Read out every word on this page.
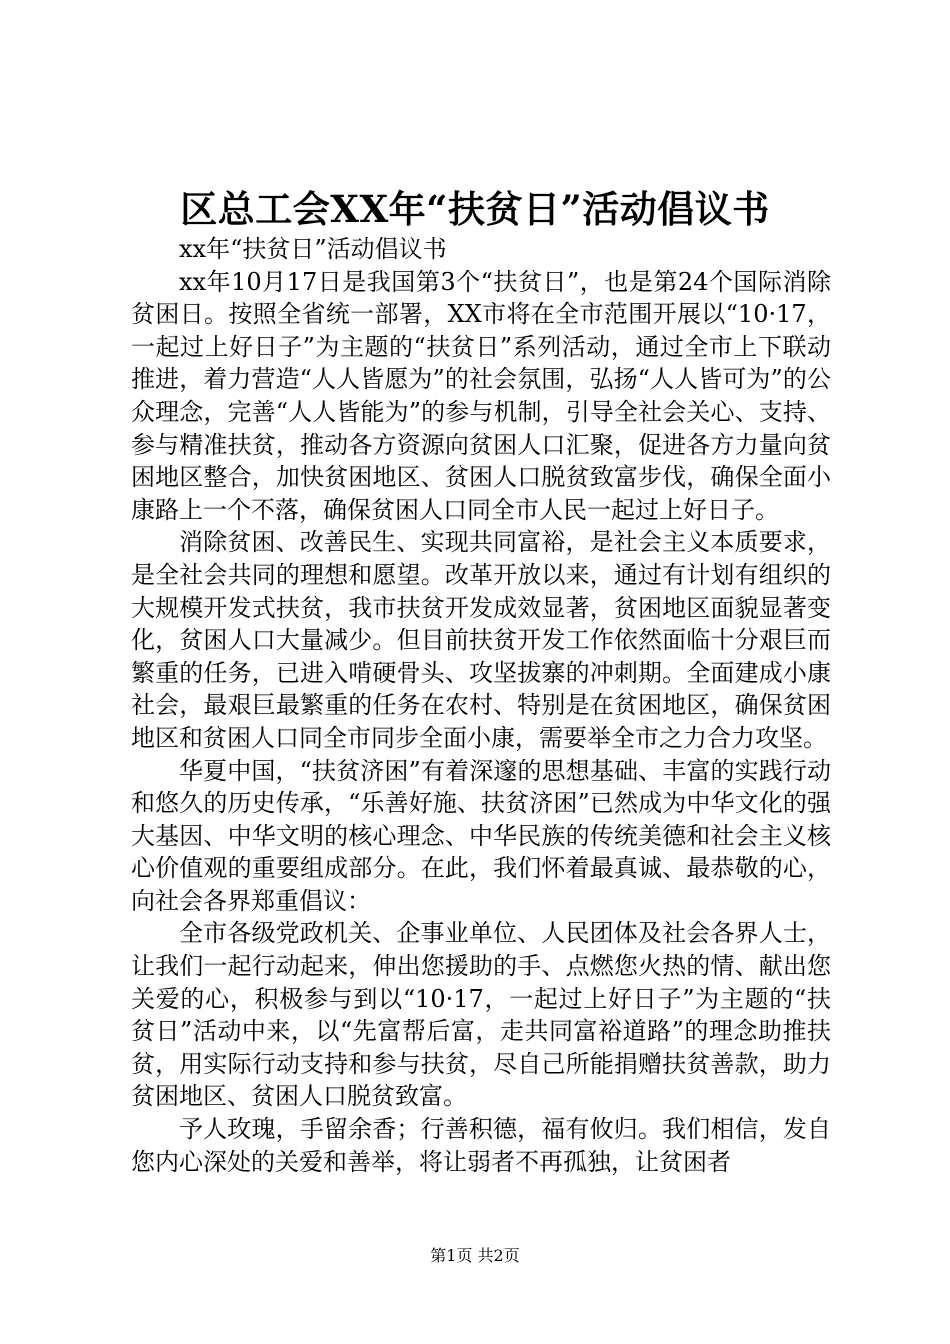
区总工会XX年“扶贫日”活动倡议书

xx年“扶贫日”活动倡议书

xx年10月17日是我国第3个“扶贫日”，也是第24个国际消除贫困日。按照全省统一部署，XX市将在全市范围开展以“10·17，一起过上好日子”为主题的“扶贫日”系列活动，通过全市上下联动推进，着力营造“人人皆愿为”的社会氛围，弘扬“人人皆可为”的公众理念，完善“人人皆能为”的参与机制，引导全社会关心、支持、参与精准扶贫，推动各方资源向贫困人口汇聚，促进各方力量向贫困地区整合，加快贫困地区、贫困人口脱贫致富步伐，确保全面小康路上一个不落，确保贫困人口同全市人民一起过上好日子。

消除贫困、改善民生、实现共同富裕，是社会主义本质要求，是全社会共同的理想和愿望。改革开放以来，通过有计划有组织的大规模开发式扶贫，我市扶贫开发成效显著，贫困地区面貌显著变化，贫困人口大量减少。但目前扶贫开发工作依然面临十分艰巨而繁重的任务，已进入啃硬骨头、攻坚拔寨的冲刺期。全面建成小康社会，最艰巨最繁重的任务在农村、特别是在贫困地区，确保贫困地区和贫困人口同全市同步全面小康，需要举全市之力合力攻坚。

华夏中国，“扶贫济困”有着深邃的思想基础、丰富的实践行动和悠久的历史传承，“乐善好施、扶贫济困”已然成为中华文化的强大基因、中华文明的核心理念、中华民族的传统美德和社会主义核心价值观的重要组成部分。在此，我们怀着最真诚、最恭敬的心，向社会各界郑重倡议：

全市各级党政机关、企事业单位、人民团体及社会各界人士，让我们一起行动起来，伸出您援助的手、点燃您火热的情、献出您关爱的心，积极参与到以“10·17，一起过上好日子”为主题的“扶贫日”活动中来，以“先富帮后富，走共同富裕道路”的理念助推扶贫，用实际行动支持和参与扶贫，尽自己所能捐赠扶贫善款，助力贫困地区、贫困人口脱贫致富。

予人玫瑰，手留余香；行善积德，福有攸归。我们相信，发自您内心深处的关爱和善举，将让弱者不再孤独，让贫困者

第1页 共2页
